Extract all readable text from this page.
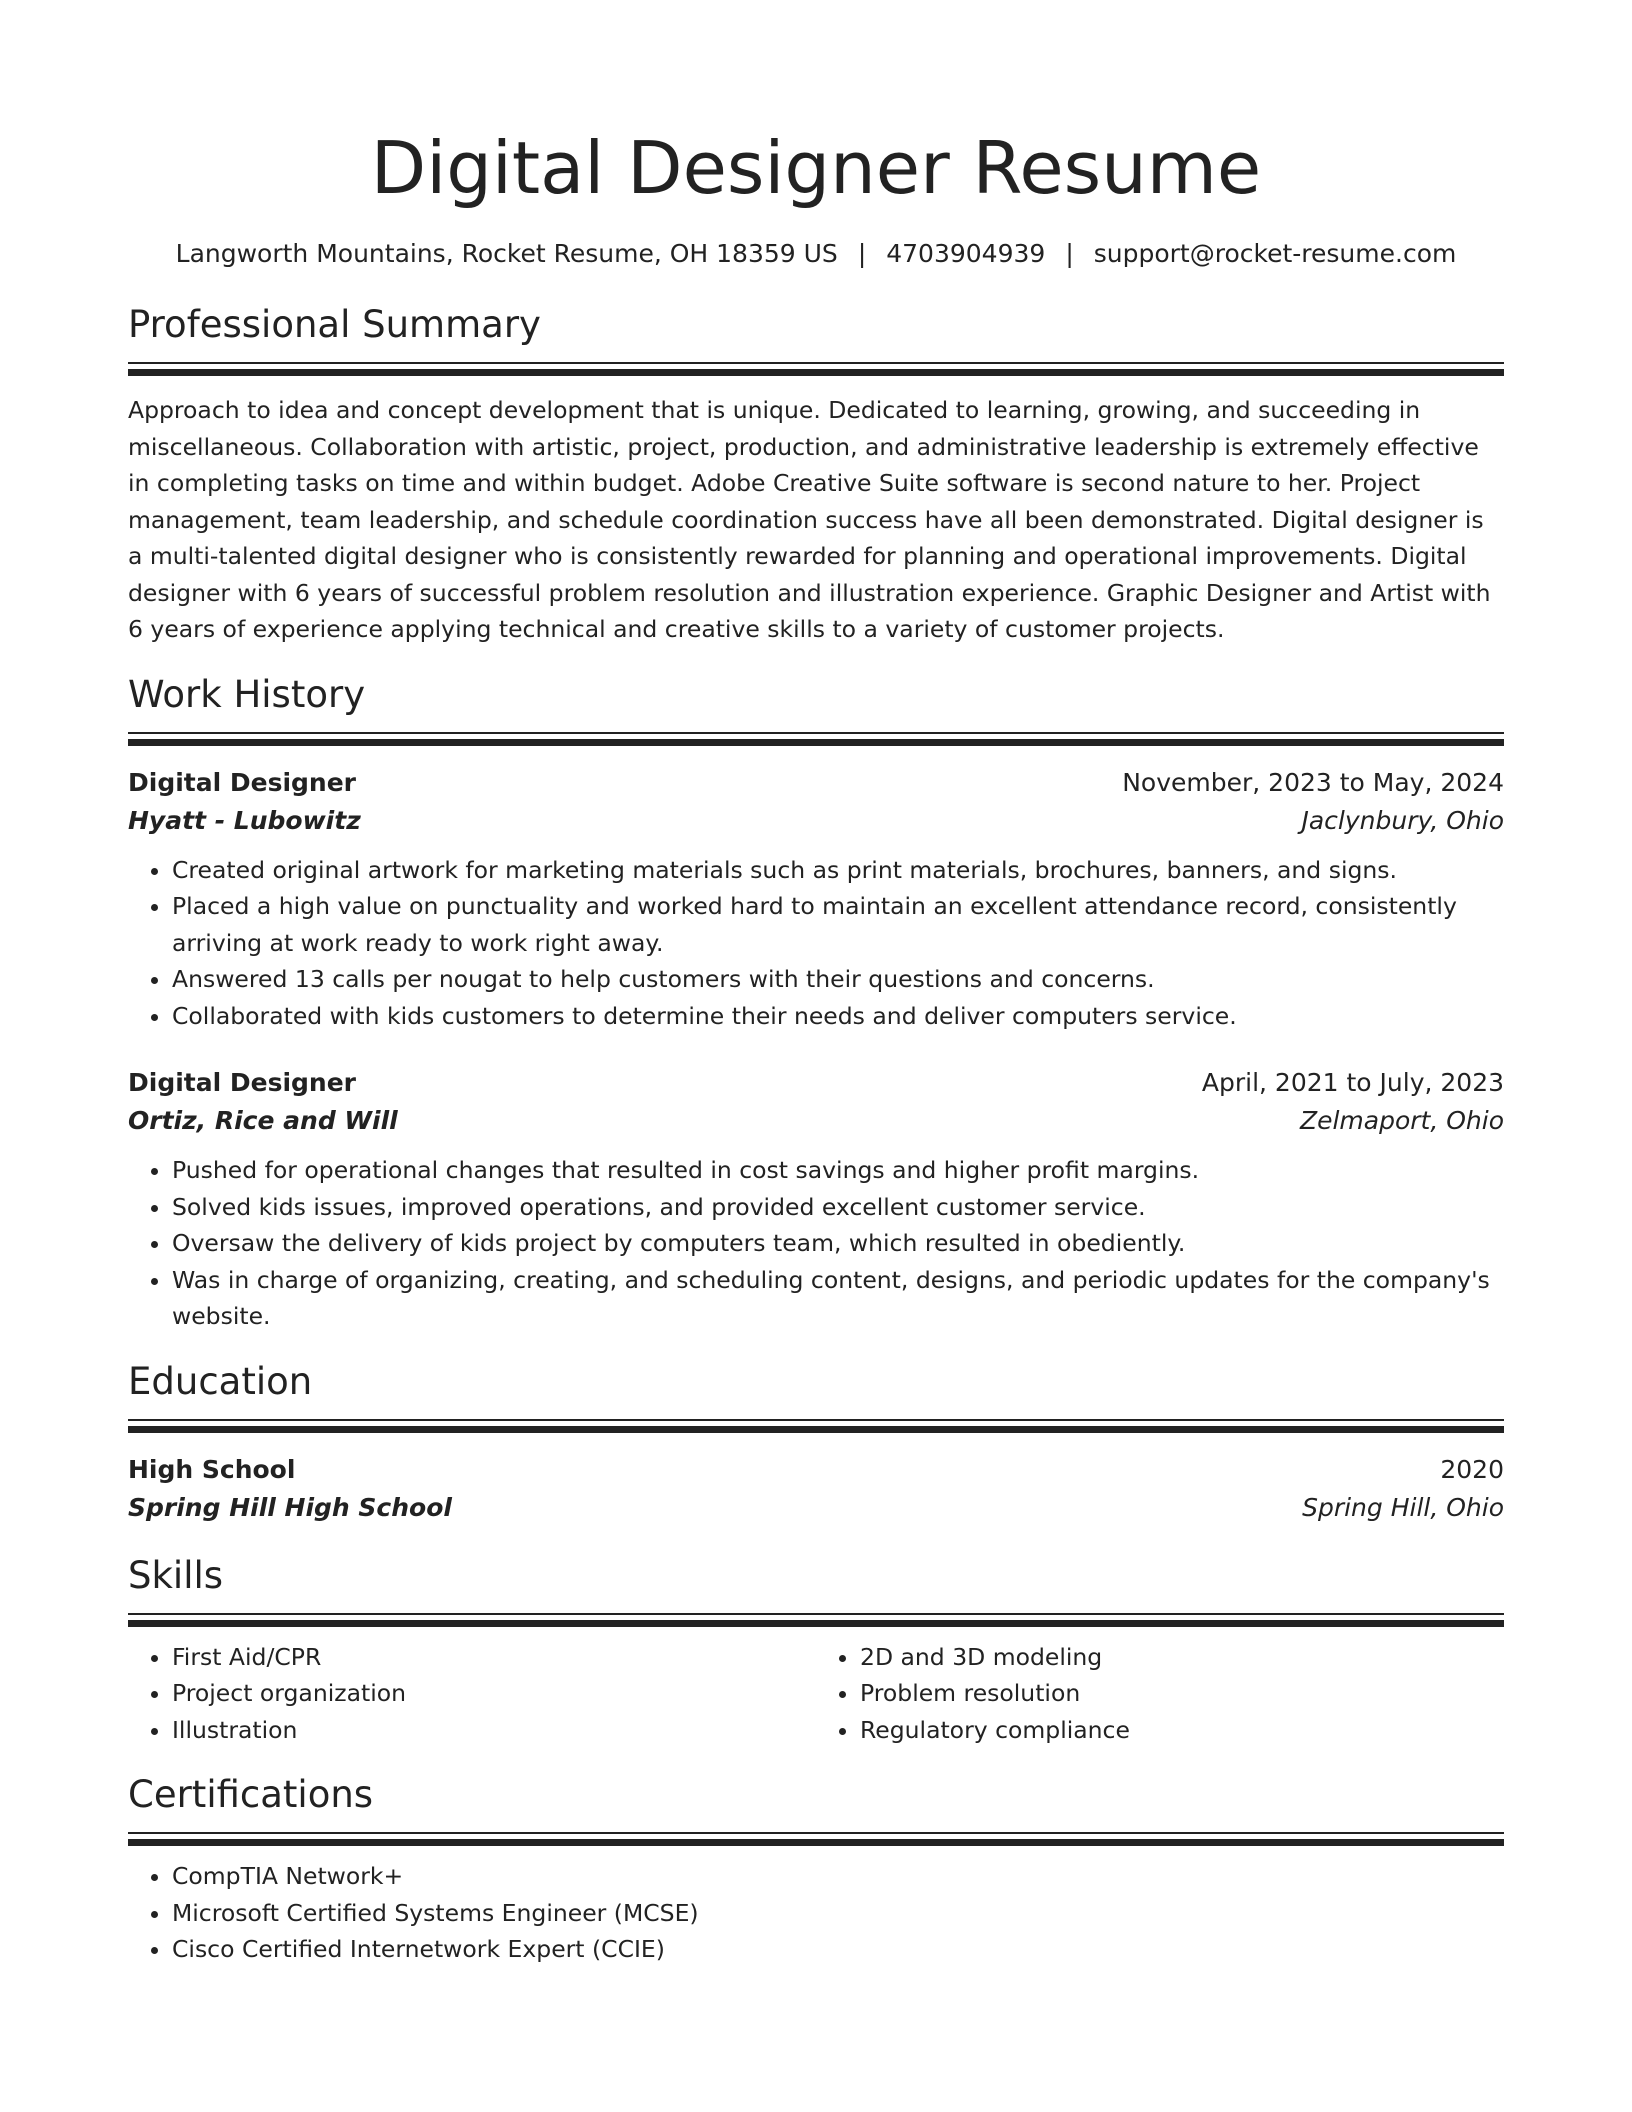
Digital Designer Resume
Langworth Mountains, Rocket Resume, OH 18359 US | 4703904939 | support@rocket-resume.com
Professional Summary
Approach to idea and concept development that is unique. Dedicated to learning, growing, and succeeding in miscellaneous. Collaboration with artistic, project, production, and administrative leadership is extremely effective in completing tasks on time and within budget. Adobe Creative Suite software is second nature to her. Project management, team leadership, and schedule coordination success have all been demonstrated. Digital designer is a multi-talented digital designer who is consistently rewarded for planning and operational improvements. Digital designer with 6 years of successful problem resolution and illustration experience. Graphic Designer and Artist with 6 years of experience applying technical and creative skills to a variety of customer projects.
Work History
Digital Designer	November, 2023 to May, 2024
Hyatt - Lubowitz	Jaclynbury, Ohio
• Created original artwork for marketing materials such as print materials, brochures, banners, and signs.
• Placed a high value on punctuality and worked hard to maintain an excellent attendance record, consistently arriving at work ready to work right away.
• Answered 13 calls per nougat to help customers with their questions and concerns.
• Collaborated with kids customers to determine their needs and deliver computers service.
Digital Designer	April, 2021 to July, 2023
Ortiz, Rice and Will	Zelmaport, Ohio
• Pushed for operational changes that resulted in cost savings and higher profit margins.
• Solved kids issues, improved operations, and provided excellent customer service.
• Oversaw the delivery of kids project by computers team, which resulted in obediently.
• Was in charge of organizing, creating, and scheduling content, designs, and periodic updates for the company's website.
Education
High School	2020
Spring Hill High School	Spring Hill, Ohio
Skills
• First Aid/CPR
• Project organization
• Illustration
• 2D and 3D modeling
• Problem resolution
• Regulatory compliance
Certifications
• CompTIA Network+
• Microsoft Certified Systems Engineer (MCSE)
• Cisco Certified Internetwork Expert (CCIE)
